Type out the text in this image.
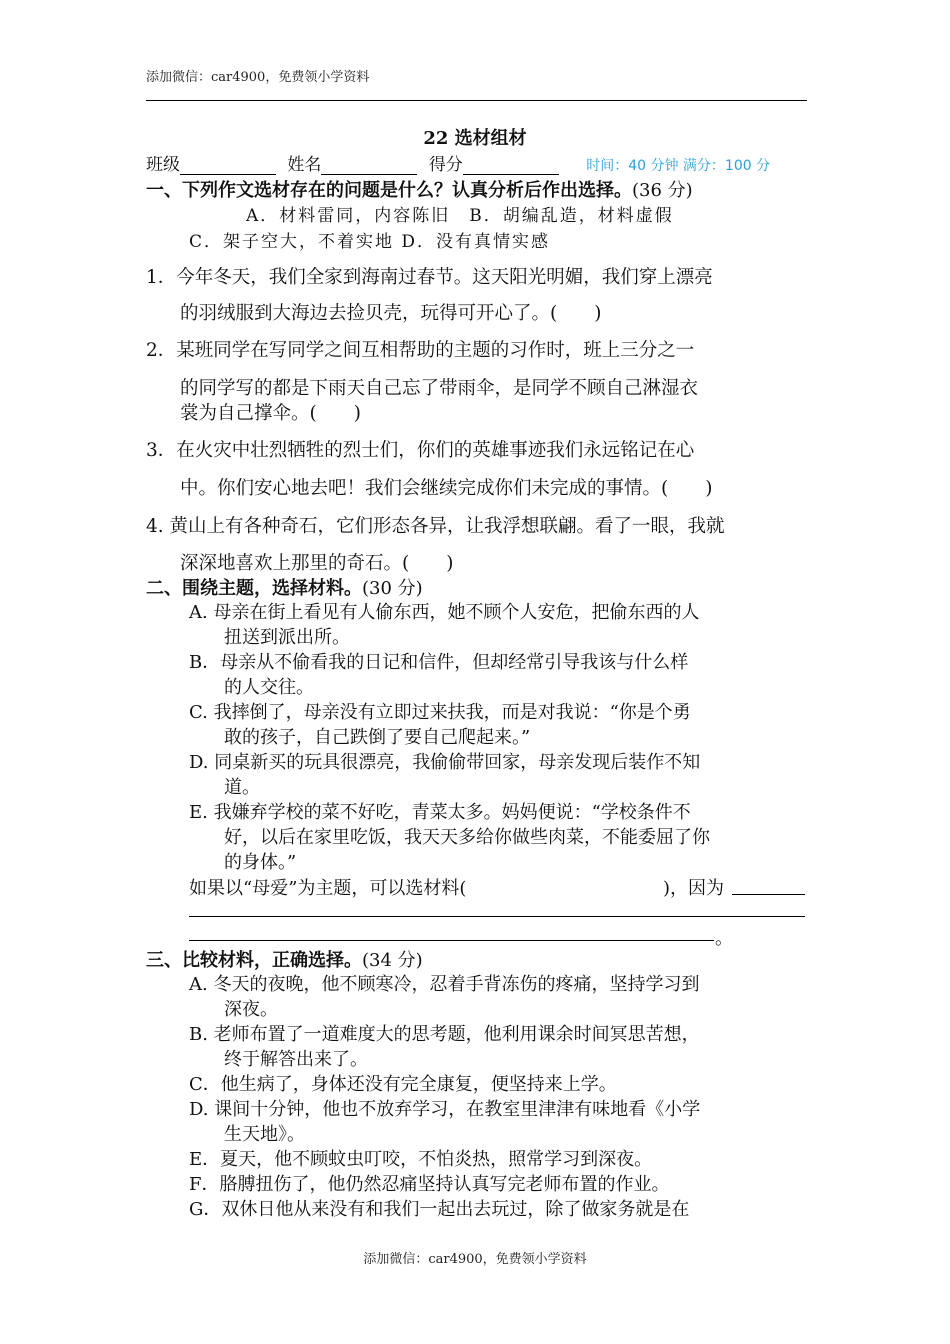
添加微信：car4900，免费领小学资料
22 选材组材
班级	姓名	得分	时间：40 分钟 满分：100 分
一、下列作文选材存在的问题是什么？认真分析后作出选择。(36 分)
A．材料雷同，内容陈旧　B．胡编乱造，材料虚假
C．架子空大，不着实地 D．没有真情实感
1．今年冬天，我们全家到海南过春节。这天阳光明媚，我们穿上漂亮
的羽绒服到大海边去捡贝壳，玩得可开心了。(　　)
2．某班同学在写同学之间互相帮助的主题的习作时，班上三分之一
的同学写的都是下雨天自己忘了带雨伞，是同学不顾自己淋湿衣
裳为自己撑伞。(　　)
3．在火灾中壮烈牺牲的烈士们，你们的英雄事迹我们永远铭记在心
中。你们安心地去吧！我们会继续完成你们未完成的事情。(　　)
4. 黄山上有各种奇石，它们形态各异，让我浮想联翩。看了一眼，我就
深深地喜欢上那里的奇石。(　　)
二、围绕主题，选择材料。(30 分)
A. 母亲在街上看见有人偷东西，她不顾个人安危，把偷东西的人
扭送到派出所。
B．母亲从不偷看我的日记和信件，但却经常引导我该与什么样
的人交往。
C. 我摔倒了，母亲没有立即过来扶我，而是对我说：“你是个勇
敢的孩子，自己跌倒了要自己爬起来。”
D. 同桌新买的玩具很漂亮，我偷偷带回家，母亲发现后装作不知
道。
E. 我嫌弃学校的菜不好吃，青菜太多。妈妈便说：“学校条件不
好，以后在家里吃饭，我天天多给你做些肉菜，不能委屈了你
的身体。”
如果以“母爱”为主题，可以选材料(	)，因为
。
三、比较材料，正确选择。(34 分)
A. 冬天的夜晚，他不顾寒冷，忍着手背冻伤的疼痛，坚持学习到
深夜。
B. 老师布置了一道难度大的思考题，他利用课余时间冥思苦想，
终于解答出来了。
C．他生病了，身体还没有完全康复，便坚持来上学。
D. 课间十分钟，他也不放弃学习，在教室里津津有味地看《小学
生天地》。
E．夏天，他不顾蚊虫叮咬，不怕炎热，照常学习到深夜。
F．胳膊扭伤了，他仍然忍痛坚持认真写完老师布置的作业。
G．双休日他从来没有和我们一起出去玩过，除了做家务就是在
添加微信：car4900，免费领小学资料
